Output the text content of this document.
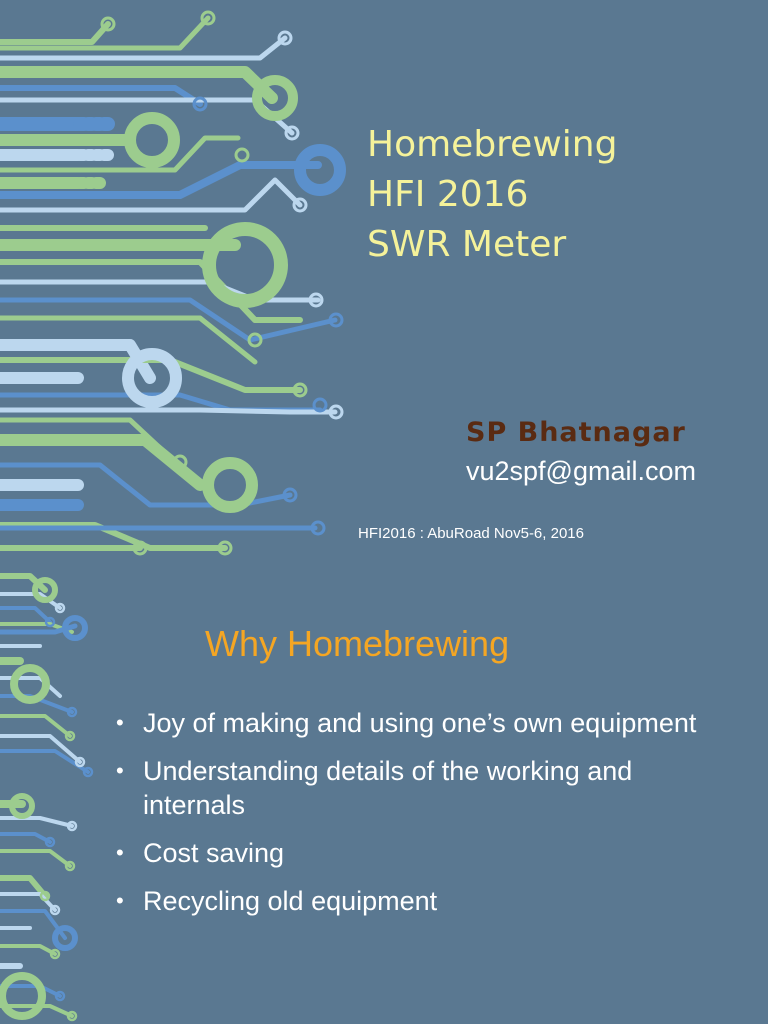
Homebrewing
HFI 2016
SWR Meter
SP Bhatnagar
vu2spf@gmail.com
HFI2016 : AbuRoad Nov5-6, 2016
Why Homebrewing
• Joy of making and using one’s own equipment
• Understanding details of the working and internals
• Cost saving
• Recycling old equipment
